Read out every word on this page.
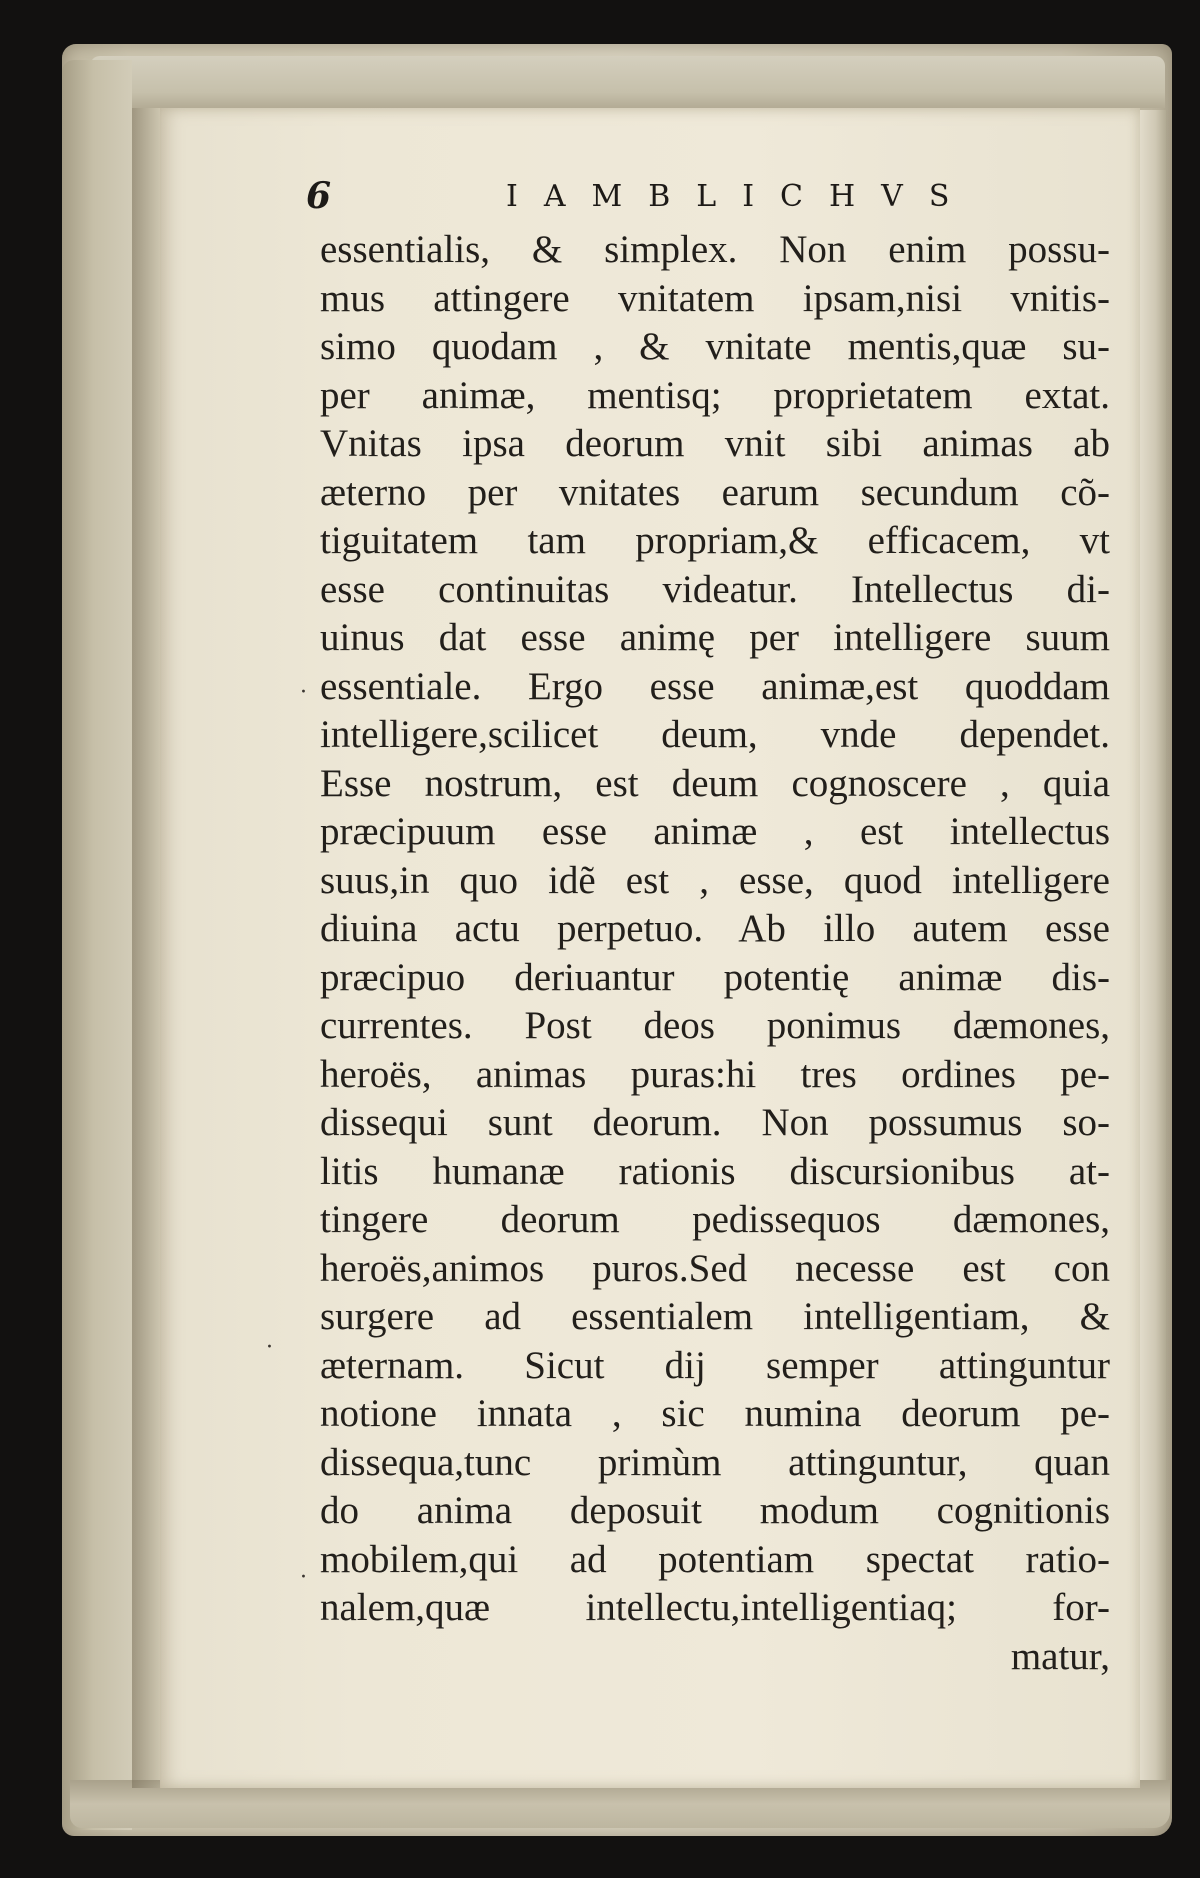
6	IAMBLICHVS
essentialis, & simplex. Non enim possu-
mus attingere vnitatem ipsam,nisi vnitis-
simo quodam , & vnitate mentis,quæ su-
per animæ, mentisq; proprietatem extat.
Vnitas ipsa deorum vnit sibi animas ab
æterno per vnitates earum secundum cõ-
tiguitatem tam propriam,& efficacem, vt
esse continuitas videatur. Intellectus di-
uinus dat esse animę per intelligere suum
essentiale. Ergo esse animæ,est quoddam
intelligere,scilicet deum, vnde dependet.
Esse nostrum, est deum cognoscere , quia
præcipuum esse animæ , est intellectus
suus,in quo idẽ est , esse, quod intelligere
diuina actu perpetuo. Ab illo autem esse
præcipuo deriuantur potentię animæ dis-
currentes. Post deos ponimus dæmones,
heroës, animas puras:hi tres ordines pe-
dissequi sunt deorum. Non possumus so-
litis humanæ rationis discursionibus at-
tingere deorum pedissequos dæmones,
heroës,animos puros.Sed necesse est con
surgere ad essentialem intelligentiam, &
æternam. Sicut dij semper attinguntur
notione innata , sic numina deorum pe-
dissequa,tunc primùm attinguntur, quan
do anima deposuit modum cognitionis
mobilem,qui ad potentiam spectat ratio-
nalem,quæ intellectu,intelligentiaq; for-
matur,
·
·
·
